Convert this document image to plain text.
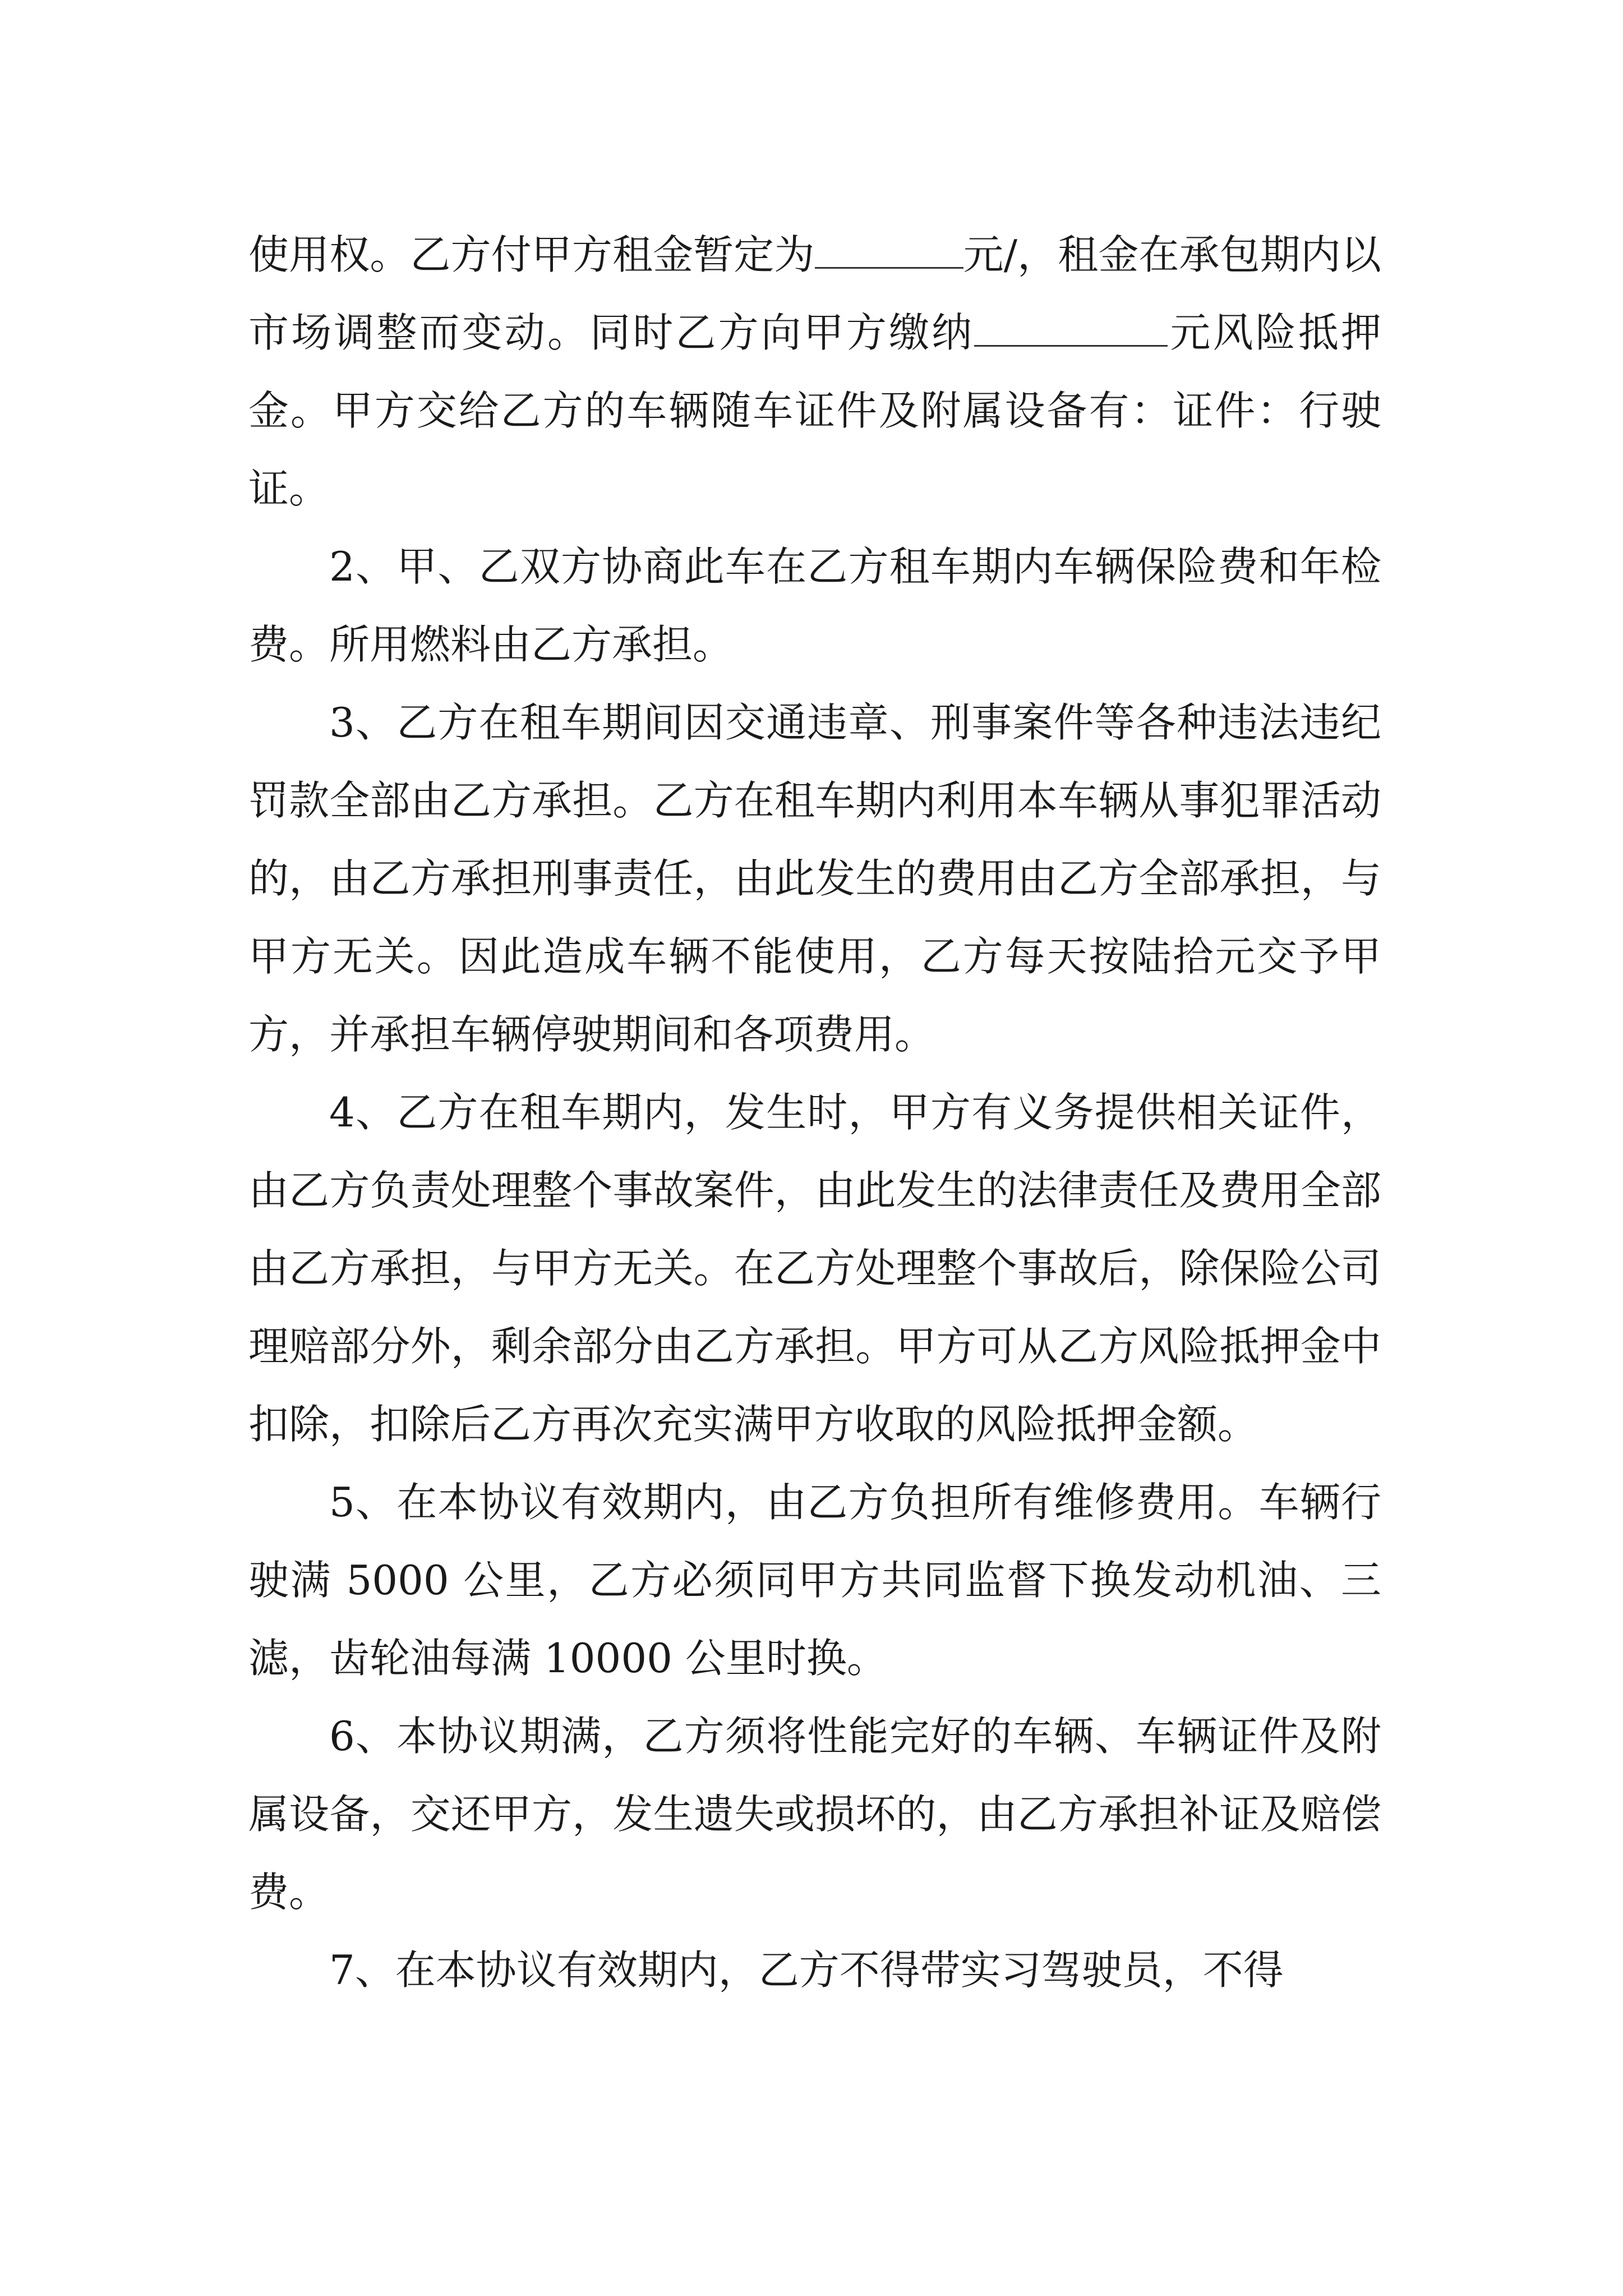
使用权。乙方付甲方租金暂定为	元/，租金在承包期内以市场调整而变动。同时乙方向甲方缴纳	元风险抵押金。甲方交给乙方的车辆随车证件及附属设备有：证件：行驶证。

2、甲、乙双方协商此车在乙方租车期内车辆保险费和年检费。所用燃料由乙方承担。

3、乙方在租车期间因交通违章、刑事案件等各种违法违纪罚款全部由乙方承担。乙方在租车期内利用本车辆从事犯罪活动的，由乙方承担刑事责任，由此发生的费用由乙方全部承担，与甲方无关。因此造成车辆不能使用，乙方每天按陆拾元交予甲方，并承担车辆停驶期间和各项费用。

4、乙方在租车期内，发生时，甲方有义务提供相关证件，由乙方负责处理整个事故案件，由此发生的法律责任及费用全部由乙方承担，与甲方无关。在乙方处理整个事故后，除保险公司理赔部分外，剩余部分由乙方承担。甲方可从乙方风险抵押金中扣除，扣除后乙方再次充实满甲方收取的风险抵押金额。

5、在本协议有效期内，由乙方负担所有维修费用。车辆行驶满 5000 公里，乙方必须同甲方共同监督下换发动机油、三滤，齿轮油每满 10000 公里时换。

6、本协议期满，乙方须将性能完好的车辆、车辆证件及附属设备，交还甲方，发生遗失或损坏的，由乙方承担补证及赔偿费。

7、在本协议有效期内，乙方不得带实习驾驶员，不得
